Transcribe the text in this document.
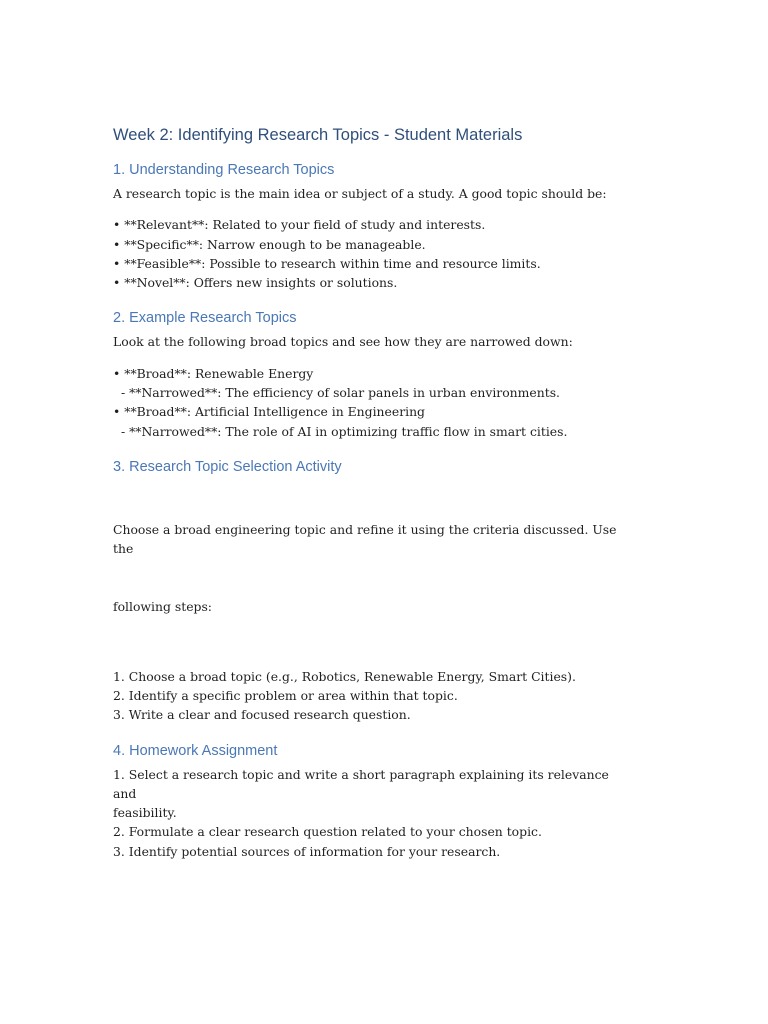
Week 2: Identifying Research Topics - Student Materials
1. Understanding Research Topics

A research topic is the main idea or subject of a study. A good topic should be:

• **Relevant**: Related to your field of study and interests.
• **Specific**: Narrow enough to be manageable.
• **Feasible**: Possible to research within time and resource limits.
• **Novel**: Offers new insights or solutions.
2. Example Research Topics

Look at the following broad topics and see how they are narrowed down:

• **Broad**: Renewable Energy
- **Narrowed**: The efficiency of solar panels in urban environments.
• **Broad**: Artificial Intelligence in Engineering
- **Narrowed**: The role of AI in optimizing traffic flow in smart cities.
3. Research Topic Selection Activity

Choose a broad engineering topic and refine it using the criteria discussed. Use the

following steps:

1. Choose a broad topic (e.g., Robotics, Renewable Energy, Smart Cities).
2. Identify a specific problem or area within that topic.
3. Write a clear and focused research question.
4. Homework Assignment
1. Select a research topic and write a short paragraph explaining its relevance and
feasibility.
2. Formulate a clear research question related to your chosen topic.
3. Identify potential sources of information for your research.
